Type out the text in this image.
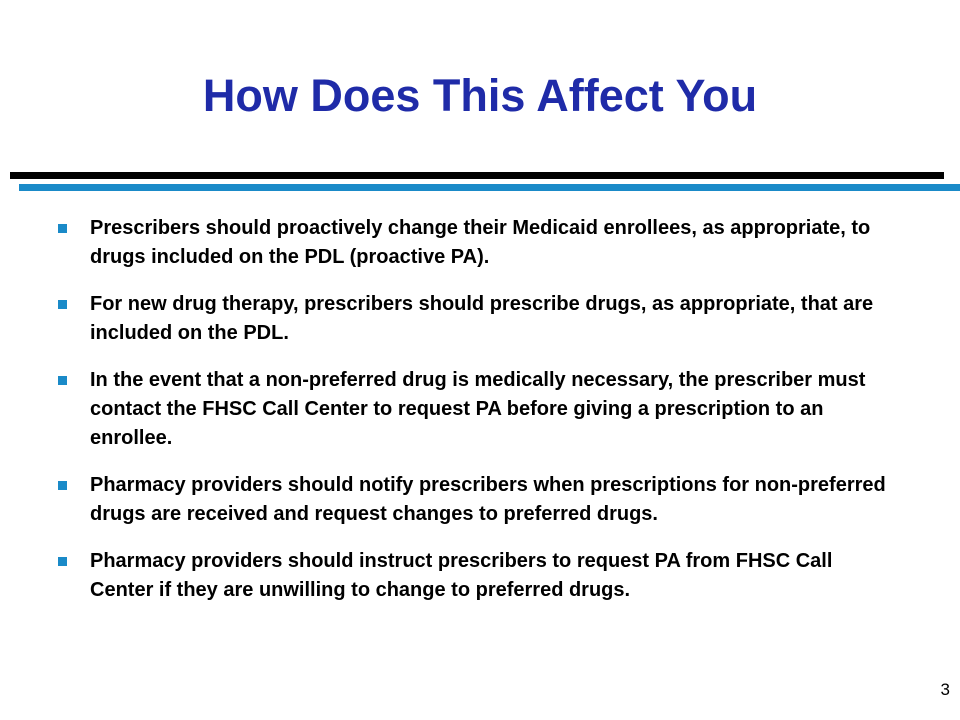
How Does This Affect You
Prescribers should proactively change their Medicaid enrollees, as appropriate, to drugs included on the PDL (proactive PA).
For new drug therapy, prescribers should prescribe drugs, as appropriate, that are included on the PDL.
In the event that a non-preferred drug is medically necessary, the prescriber must contact the FHSC Call Center to request PA before giving a prescription to an enrollee.
Pharmacy providers should notify prescribers when prescriptions for non-preferred drugs are received and request changes to preferred drugs.
Pharmacy providers should instruct prescribers to request PA from FHSC Call Center if they are unwilling to change to preferred drugs.
3
